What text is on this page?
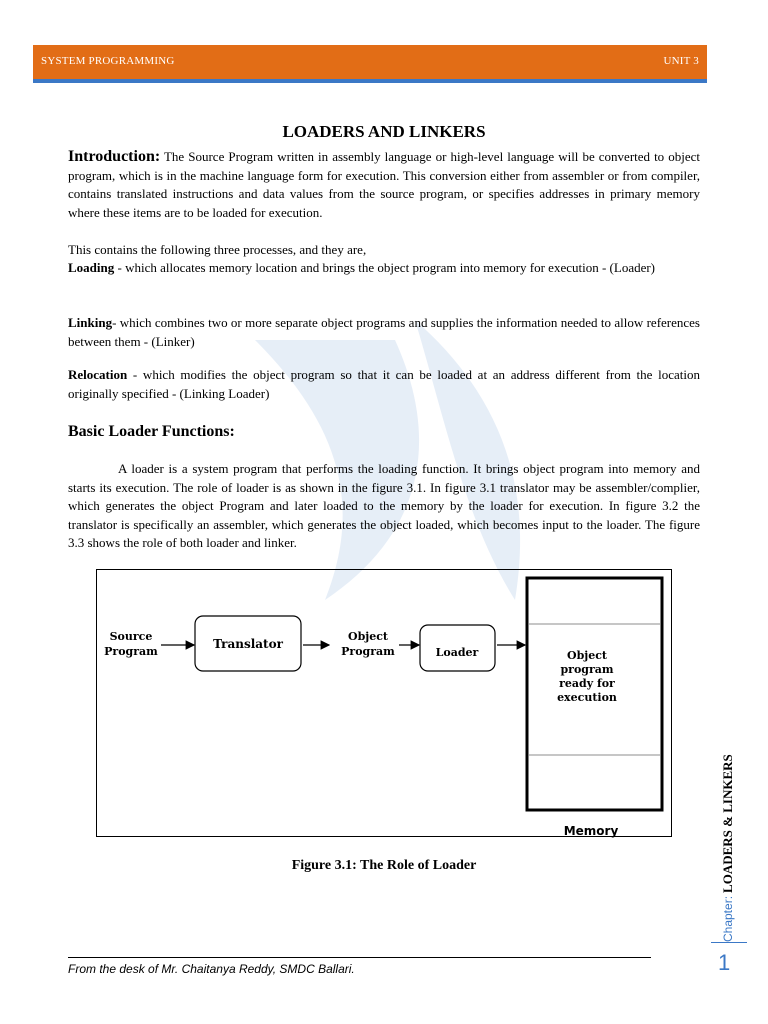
SYSTEM PROGRAMMING	UNIT 3
LOADERS AND LINKERS
Introduction: The Source Program written in assembly language or high-level language will be converted to object program, which is in the machine language form for execution. This conversion either from assembler or from compiler, contains translated instructions and data values from the source program, or specifies addresses in primary memory where these items are to be loaded for execution.
This contains the following three processes, and they are,
Loading - which allocates memory location and brings the object program into memory for execution - (Loader)
Linking- which combines two or more separate object programs and supplies the information needed to allow references between them - (Linker)
Relocation - which modifies the object program so that it can be loaded at an address different from the location originally specified - (Linking Loader)
Basic Loader Functions:
A loader is a system program that performs the loading function. It brings object program into memory and starts its execution. The role of loader is as shown in the figure 3.1. In figure 3.1 translator may be assembler/complier, which generates the object Program and later loaded to the memory by the loader for execution. In figure 3.2 the translator is specifically an assembler, which generates the object loaded, which becomes input to the loader. The figure 3.3 shows the role of both loader and linker.
Source
Program
Translator
Object
Program	Loader	Object
program
ready for
execution
Memory
Figure 3.1: The Role of Loader
From the desk of Mr. Chaitanya Reddy, SMDC Ballari.
Chapter: LOADERS & LINKERS
1
